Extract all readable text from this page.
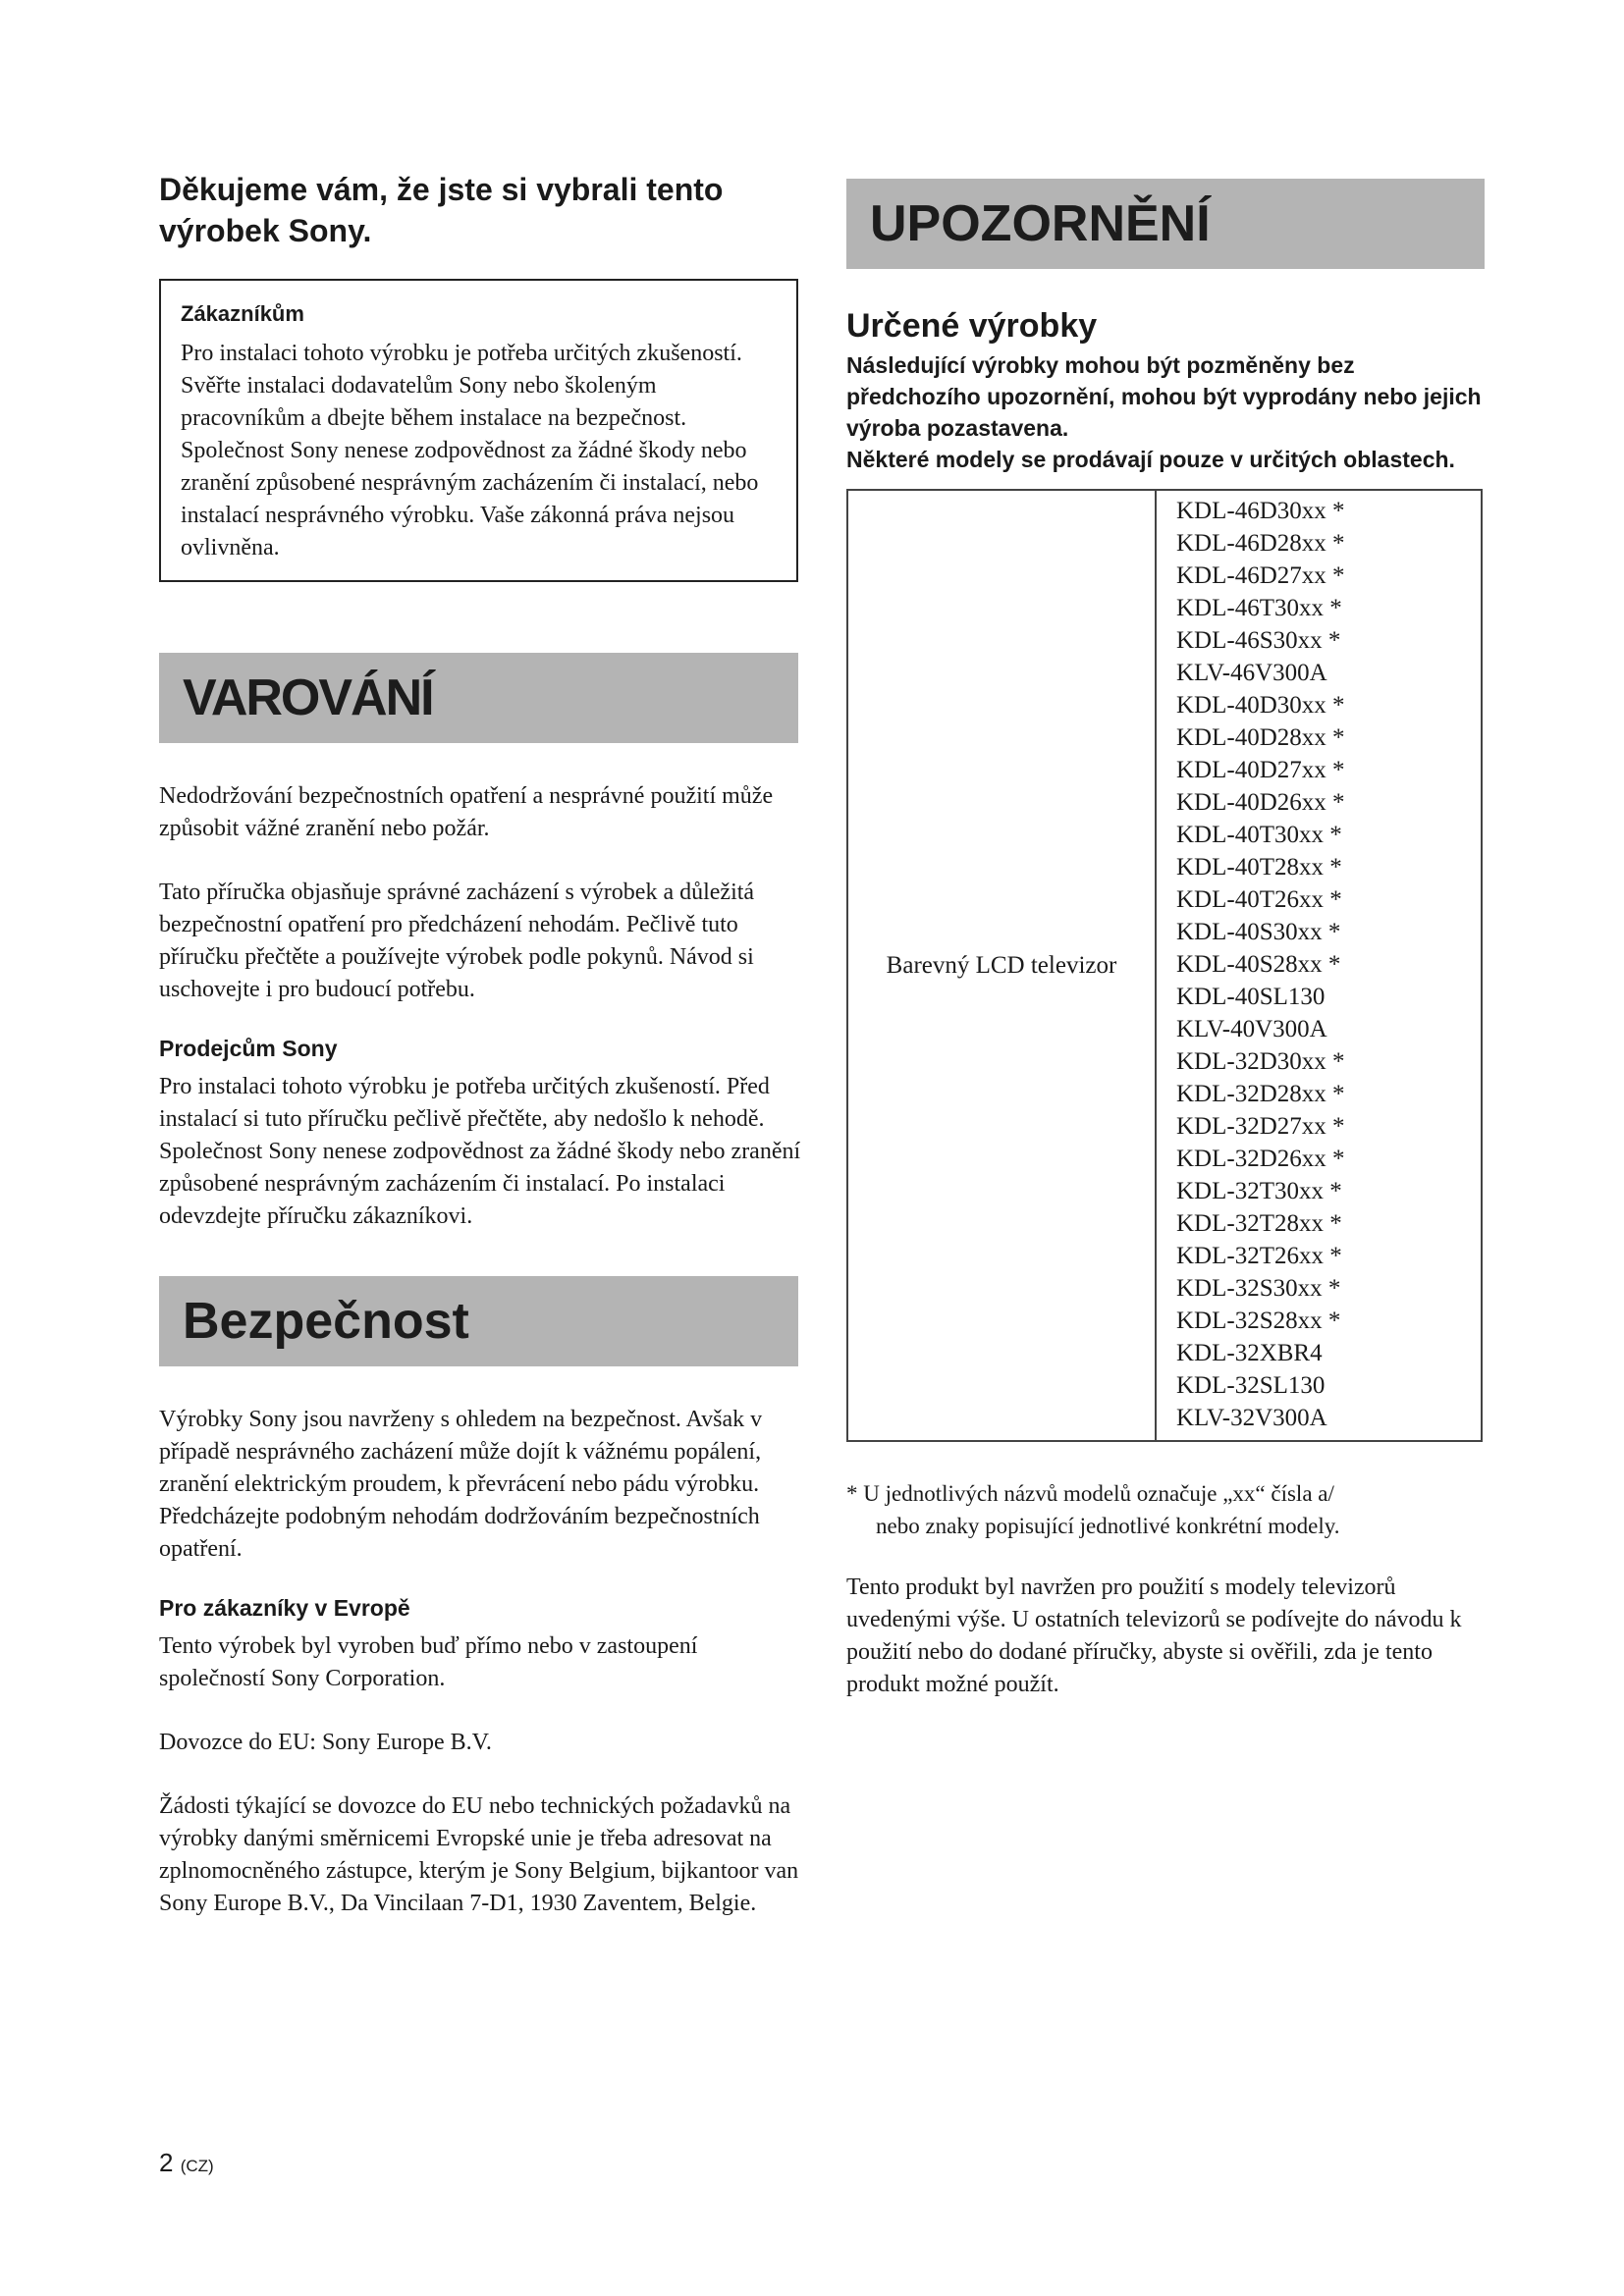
Děkujeme vám, že jste si vybrali tento výrobek Sony.
Zákazníkům

Pro instalaci tohoto výrobku je potřeba určitých zkušeností. Svěřte instalaci dodavatelům Sony nebo školeným pracovníkům a dbejte během instalace na bezpečnost. Společnost Sony nenese zodpovědnost za žádné škody nebo zranění způsobené nesprávným zacházením či instalací, nebo instalací nesprávného výrobku. Vaše zákonná práva nejsou ovlivněna.

VAROVÁNÍ

Nedodržování bezpečnostních opatření a nesprávné použití může způsobit vážné zranění nebo požár.

Tato příručka objasňuje správné zacházení s výrobek a důležitá bezpečnostní opatření pro předcházení nehodám. Pečlivě tuto příručku přečtěte a používejte výrobek podle pokynů. Návod si uschovejte i pro budoucí potřebu.

Prodejcům Sony

Pro instalaci tohoto výrobku je potřeba určitých zkušeností. Před instalací si tuto příručku pečlivě přečtěte, aby nedošlo k nehodě. Společnost Sony nenese zodpovědnost za žádné škody nebo zranění způsobené nesprávným zacházením či instalací. Po instalaci odevzdejte příručku zákazníkovi.

Bezpečnost

Výrobky Sony jsou navrženy s ohledem na bezpečnost. Avšak v případě nesprávného zacházení může dojít k vážnému popálení, zranění elektrickým proudem, k převrácení nebo pádu výrobku. Předcházejte podobným nehodám dodržováním bezpečnostních opatření.

Pro zákazníky v Evropě

Tento výrobek byl vyroben buď přímo nebo v zastoupení společností Sony Corporation.

Dovozce do EU: Sony Europe B.V.

Žádosti týkající se dovozce do EU nebo technických požadavků na výrobky danými směrnicemi Evropské unie je třeba adresovat na zplnomocněného zástupce, kterým je Sony Belgium, bijkantoor van Sony Europe B.V., Da Vincilaan 7-D1, 1930 Zaventem, Belgie.

UPOZORNĚNÍ
Určené výrobky

Následující výrobky mohou být pozměněny bez předchozího upozornění, mohou být vyprodány nebo jejich výroba pozastavena.

Některé modely se prodávají pouze v určitých oblastech.

Barevný LCD televizor	
KDL-46D30xx *
KDL-46D28xx *
KDL-46D27xx *
KDL-46T30xx *
KDL-46S30xx *
KLV-46V300A
KDL-40D30xx *
KDL-40D28xx *
KDL-40D27xx *
KDL-40D26xx *
KDL-40T30xx *
KDL-40T28xx *
KDL-40T26xx *
KDL-40S30xx *
KDL-40S28xx *
KDL-40SL130
KLV-40V300A
KDL-32D30xx *
KDL-32D28xx *
KDL-32D27xx *
KDL-32D26xx *
KDL-32T30xx *
KDL-32T28xx *
KDL-32T26xx *
KDL-32S30xx *
KDL-32S28xx *
KDL-32XBR4
KDL-32SL130
KLV-32V300A

* U jednotlivých názvů modelů označuje „xx“ čísla a/
nebo znaky popisující jednotlivé konkrétní modely.

Tento produkt byl navržen pro použití s modely televizorů uvedenými výše. U ostatních televizorů se podívejte do návodu k použití nebo do dodané příručky, abyste si ověřili, zda je tento produkt možné použít.

2 (CZ)
